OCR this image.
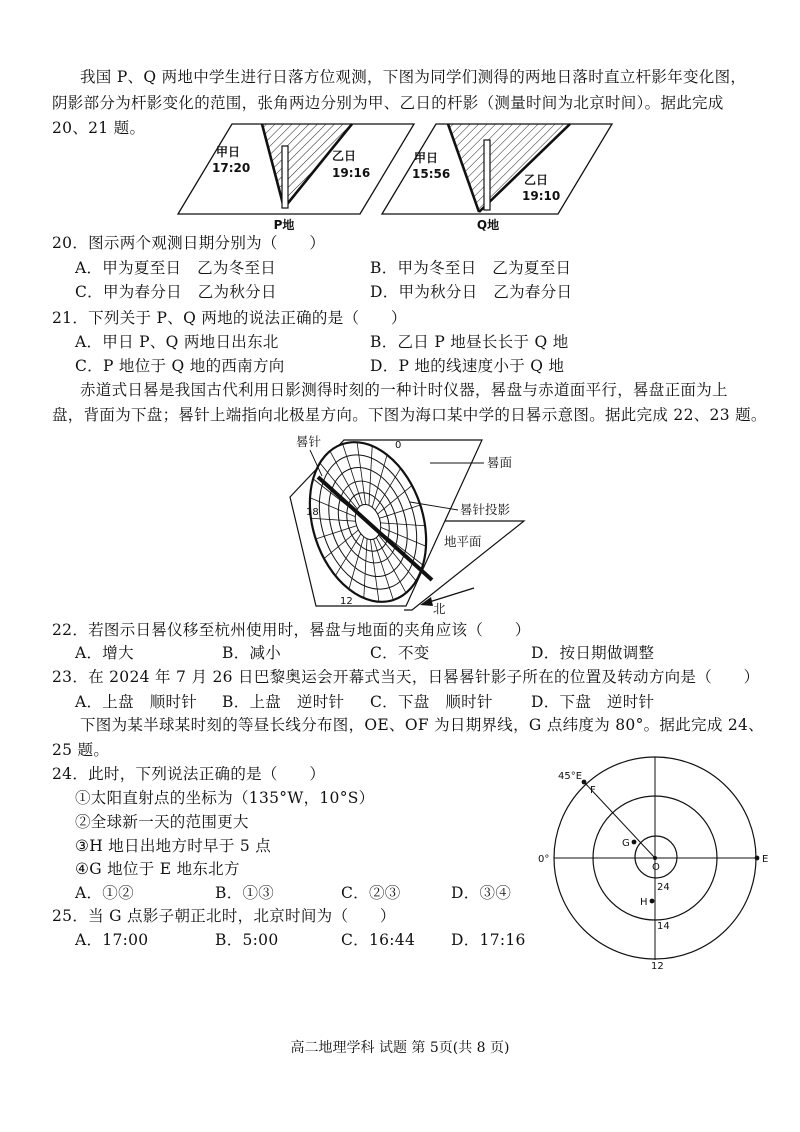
我国 P、Q 两地中学生进行日落方位观测，下图为同学们测得的两地日落时直立杆影年变化图，
阴影部分为杆影变化的范围，张角两边分别为甲、乙日的杆影（测量时间为北京时间）。据此完成
20、21 题。
甲日
17:20
乙日
19:16
P地
甲日
15:56	乙日
19:10
Q地
20．图示两个观测日期分别为（　　）
A．甲为夏至日　乙为冬至日	B．甲为冬至日　乙为夏至日
C．甲为春分日　乙为秋分日	D．甲为秋分日　乙为春分日
21．下列关于 P、Q 两地的说法正确的是（　　）
A．甲日 P、Q 两地日出东北	B．乙日 P 地昼长长于 Q 地
C．P 地位于 Q 地的西南方向	D．P 地的线速度小于 Q 地
赤道式日晷是我国古代利用日影测得时刻的一种计时仪器，晷盘与赤道面平行，晷盘正面为上
盘，背面为下盘；晷针上端指向北极星方向。下图为海口某中学的日晷示意图。据此完成 22、23 题。
晷针
晷面
晷针投影
地平面
北
0
12
18
22．若图示日晷仪移至杭州使用时，晷盘与地面的夹角应该（　　）
A．增大	B．减小	C．不变	D．按日期做调整
23．在 2024 年 7 月 26 日巴黎奥运会开幕式当天，日晷晷针影子所在的位置及转动方向是（　　）
A．上盘　顺时针 B．上盘　逆时针 C．下盘　顺时针 D．下盘　逆时针
下图为某半球某时刻的等昼长线分布图，OE、OF 为日期界线，G 点纬度为 80°。据此完成 24、
25 题。
45°E
F
G
O
0°	E
24
H
14
12
24．此时，下列说法正确的是（　　）
①太阳直射点的坐标为（135°W，10°S）
②全球新一天的范围更大
③H 地日出地方时早于 5 点
④G 地位于 E 地东北方
A．①②	B．①③	C．②③	D．③④
25．当 G 点影子朝正北时，北京时间为（　　）
A．17:00	B．5:00	C．16:44 D．17:16
高二地理学科 试题 第 5页(共 8 页)
